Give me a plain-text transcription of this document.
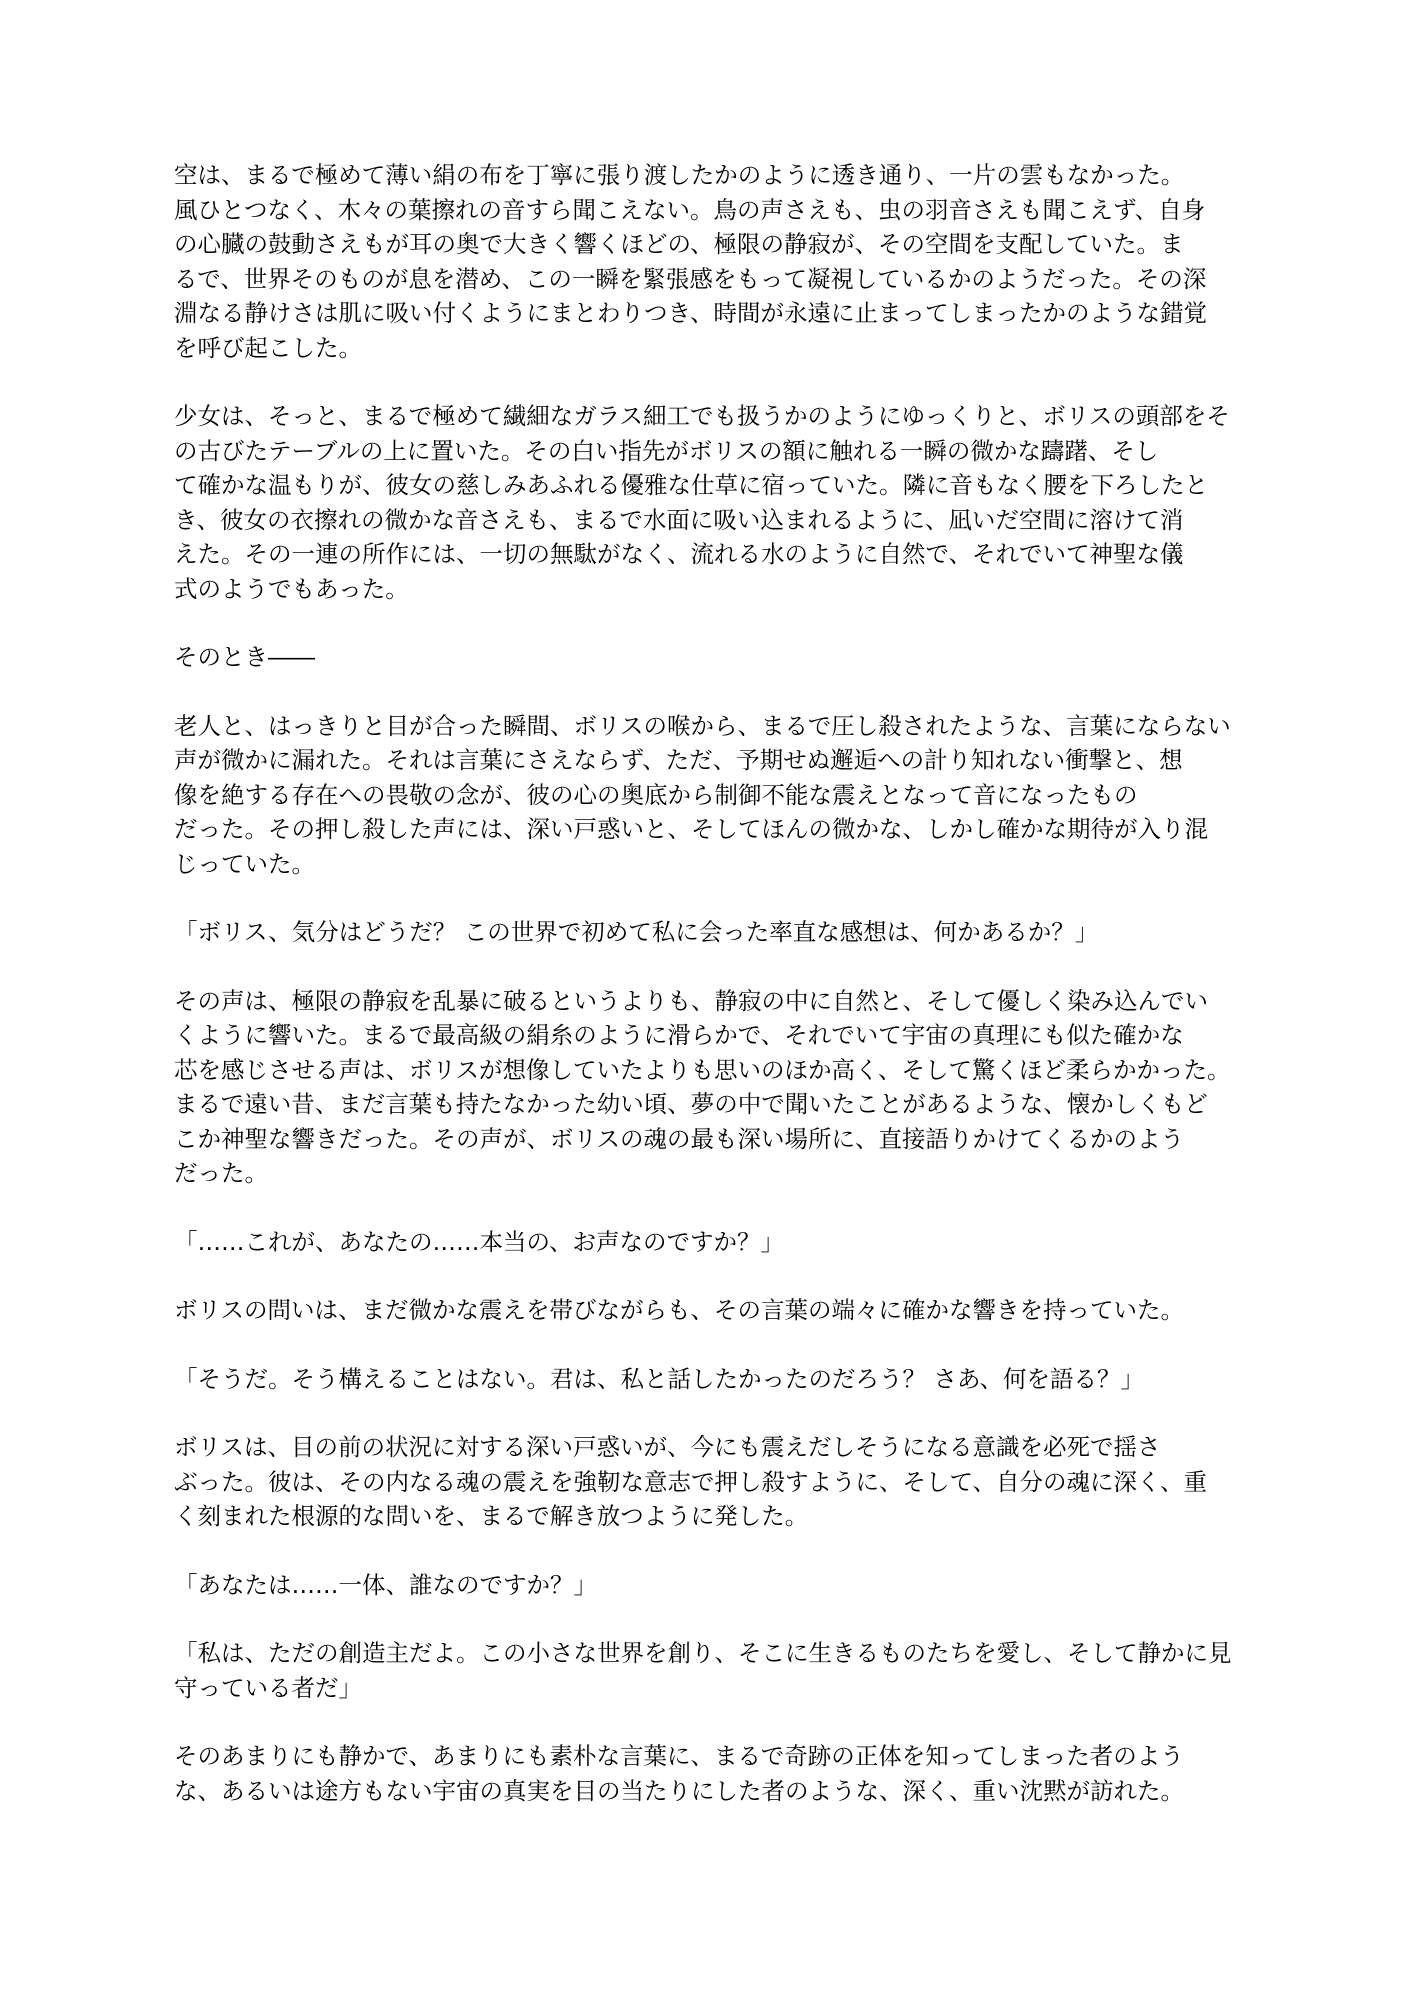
空は、まるで極めて薄い絹の布を丁寧に張り渡したかのように透き通り、一片の雲もなかった。
風ひとつなく、木々の葉擦れの音すら聞こえない。鳥の声さえも、虫の羽音さえも聞こえず、自身
の心臓の鼓動さえもが耳の奥で大きく響くほどの、極限の静寂が、その空間を支配していた。ま
るで、世界そのものが息を潜め、この一瞬を緊張感をもって凝視しているかのようだった。その深
淵なる静けさは肌に吸い付くようにまとわりつき、時間が永遠に止まってしまったかのような錯覚
を呼び起こした。
少女は、そっと、まるで極めて繊細なガラス細工でも扱うかのようにゆっくりと、ボリスの頭部をそ
の古びたテーブルの上に置いた。その白い指先がボリスの額に触れる一瞬の微かな躊躇、そし
て確かな温もりが、彼女の慈しみあふれる優雅な仕草に宿っていた。隣に音もなく腰を下ろしたと
き、彼女の衣擦れの微かな音さえも、まるで水面に吸い込まれるように、凪いだ空間に溶けて消
えた。その一連の所作には、一切の無駄がなく、流れる水のように自然で、それでいて神聖な儀
式のようでもあった。
そのとき――
老人と、はっきりと目が合った瞬間、ボリスの喉から、まるで圧し殺されたような、言葉にならない
声が微かに漏れた。それは言葉にさえならず、ただ、予期せぬ邂逅への計り知れない衝撃と、想
像を絶する存在への畏敬の念が、彼の心の奥底から制御不能な震えとなって音になったもの
だった。その押し殺した声には、深い戸惑いと、そしてほんの微かな、しかし確かな期待が入り混
じっていた。
「ボリス、気分はどうだ？ この世界で初めて私に会った率直な感想は、何かあるか？」
その声は、極限の静寂を乱暴に破るというよりも、静寂の中に自然と、そして優しく染み込んでい
くように響いた。まるで最高級の絹糸のように滑らかで、それでいて宇宙の真理にも似た確かな
芯を感じさせる声は、ボリスが想像していたよりも思いのほか高く、そして驚くほど柔らかかった。
まるで遠い昔、まだ言葉も持たなかった幼い頃、夢の中で聞いたことがあるような、懐かしくもど
こか神聖な響きだった。その声が、ボリスの魂の最も深い場所に、直接語りかけてくるかのよう
だった。
「……これが、あなたの……本当の、お声なのですか？」
ボリスの問いは、まだ微かな震えを帯びながらも、その言葉の端々に確かな響きを持っていた。
「そうだ。そう構えることはない。君は、私と話したかったのだろう？ さあ、何を語る？」
ボリスは、目の前の状況に対する深い戸惑いが、今にも震えだしそうになる意識を必死で揺さ
ぶった。彼は、その内なる魂の震えを強靭な意志で押し殺すように、そして、自分の魂に深く、重
く刻まれた根源的な問いを、まるで解き放つように発した。
「あなたは……一体、誰なのですか？」
「私は、ただの創造主だよ。この小さな世界を創り、そこに生きるものたちを愛し、そして静かに見
守っている者だ」
そのあまりにも静かで、あまりにも素朴な言葉に、まるで奇跡の正体を知ってしまった者のよう
な、あるいは途方もない宇宙の真実を目の当たりにした者のような、深く、重い沈黙が訪れた。
